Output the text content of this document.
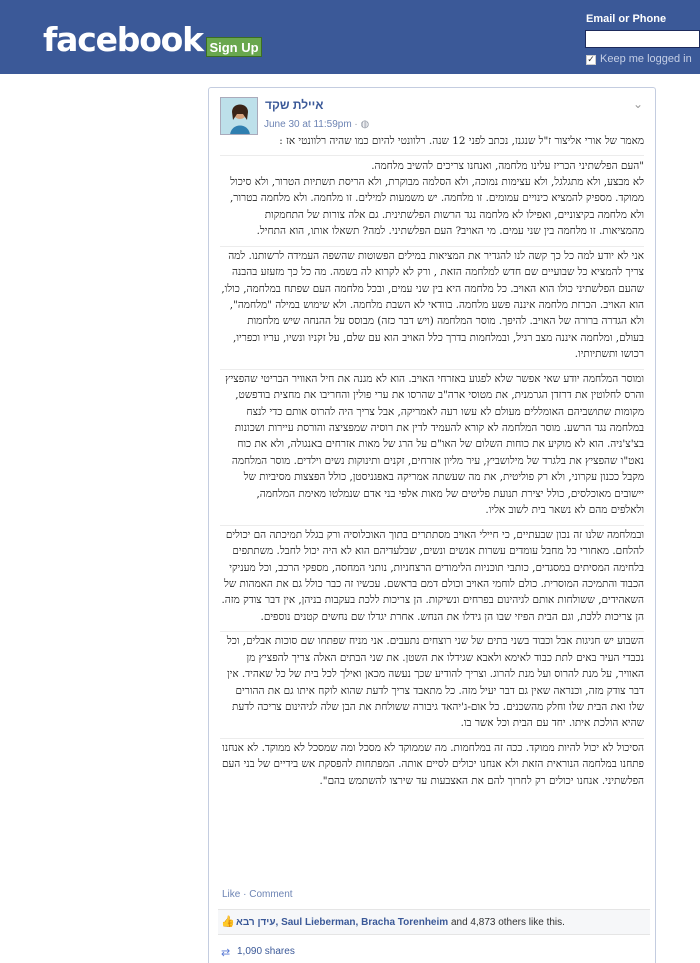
facebook Sign Up
Email or Phone
✓ Keep me logged in
⌄
איילת שקד
June 30 at 11:59pm · ◍

מאמר של אורי אליצור ז"ל שנגנז, נכתב לפני 12 שנה. רלוונטי להיום כמו שהיה רלוונטי אז :

"העם הפלשתיני הכריז עלינו מלחמה, ואנחנו צריכים להשיב מלחמה.
לא מבצע, ולא מתגלגל, ולא עצימות נמוכה, ולא הסלמה מבוקרת, ולא הריסת תשתיות הטרור, ולא סיכול ממוקד. מספיק להמציא כינויים עמומים. זו מלחמה. יש משמעות למילים. זו מלחמה. ולא מלחמה בטרור, ולא מלחמה בקיצוניים, ואפילו לא מלחמה נגד הרשות הפלשתינית. גם אלה צורות של התחמקות מהמציאות. זו מלחמה בין שני עמים. מי האויב? העם הפלשתיני. למה? תשאלו אותו, הוא התחיל.

אני לא יודע למה כל כך קשה לנו להגדיר את המציאות במילים הפשוטות שהשפה העמידה לרשותנו. למה צריך להמציא כל שבועיים שם חדש למלחמה הזאת , ורק לא לקרוא לה בשמה. מה כל כך מזעזע בהבנה שהעם הפלשתיני כולו הוא האויב. כל מלחמה היא בין שני עמים, ובכל מלחמה העם שפתח במלחמה, כולו, הוא האויב. הכרזת מלחמה איננה פשע מלחמה. בוודאי לא השבת מלחמה. ולא שימוש במילה "מלחמה", ולא הגדרה ברורה של האויב. להיפך. מוסר המלחמה (ויש דבר כזה) מבוסס על ההנחה שיש מלחמות בעולם, ומלחמה איננה מצב רגיל, ובמלחמות בדרך כלל האויב הוא עם שלם, על זקניו ונשיו, עריו וכפריו, רכושו ותשתיותיו.

ומוסר המלחמה יודע שאי אפשר שלא לפגוע באזרחי האויב. הוא לא מגנה את חיל האוויר הבריטי שהפציץ והרס לחלוטין את דרזדן הגרמנית, את מטוסי ארה"ב שהרסו את ערי פולין והחריבו את מחצית בודפשט, מקומות שתושביהם האומללים מעולם לא עשו רעה לאמריקה, אבל צריך היה להרוס אותם כדי לנצח במלחמה נגד הרשע. מוסר המלחמה לא קורא להעמיד לדין את רוסיה שמפציצה והורסת עיירות ושכונות בצ'צ'ניה. הוא לא מוקיע את כוחות השלום של האו"ם על הרג של מאות אזרחים באנגולה, ולא את כוח נאט"ו שהפציץ את בלגרד של מילושביץ, עיר מליון אזרחים, זקנים ותינוקות נשים וילדים. מוסר המלחמה מקבל ככנון עקרוני, ולא רק פוליטית, את מה שעשתה אמריקה באפגניסטן, כולל הפצצות מסיביות של יישובים מאוכלסים, כולל יצירת תנועת פליטים של מאות אלפי בני אדם שנמלטו מאימת המלחמה, ולאלפים מהם לא נשאר בית לשוב אליו.

ובמלחמה שלנו זה נכון שבעתיים, כי חיילי האויב מסתתרים בתוך האוכלוסיה ורק בגלל תמיכתה הם יכולים להלחם. מאחורי כל מחבל עומדים עשרות אנשים ונשים, שבלעדיהם הוא לא היה יכול לחבל. משתתפים בלחימה המסיתים במסגדים, כותבי תוכניות הלימודים הרצחניות, נותני המחסה, מספקי הרכב, וכל מעניקי הכבוד והתמיכה המוסרית. כולם לוחמי האויב וכולם דמם בראשם. עכשיו זה כבר כולל גם את האמהות של השאהידים, ששולחות אותם לגיהינום בפרחים ונשיקות. הן צריכות ללכת בעקבות בניהן, אין דבר צודק מזה. הן צריכות ללכת, וגם הבית הפיזי שבו הן גידלו את הנחש. אחרת יגדלו שם נחשים קטנים נוספים.

השבוע יש חגיגות אבל וכבוד בשני בתים של שני רוצחים נתעבים. אני מניח שפתחו שם סוכות אבלים, וכל נכבדי העיר באים לתת כבוד לאימא ולאבא שגידלו את השטן. את שני הבתים האלה צריך להפציץ מן האוויר, על מנת להרוס ועל מנת להרוג. וצריך להודיע שכך נעשה מכאן ואילך לכל בית של כל שאהיד. אין דבר צודק מזה, וכנראה שאין גם דבר יעיל מזה. כל מתאבד צריך לדעת שהוא לוקח איתו גם את ההורים שלו ואת הבית שלו וחלק מהשכנים. כל אום-ג'יהאד גיבורה ששולחת את הבן שלה לגיהינום צריכה לדעת שהיא הולכת איתו. יחד עם הבית וכל אשר בו.

הסיכול לא יכול להיות ממוקד. ככה זה במלחמות. מה שממוקד לא מסכל ומה שמסכל לא ממוקד. לא אנחנו פתחנו במלחמה הנוראית הזאת ולא אנחנו יכולים לסיים אותה. המפתחות להפסקת אש בידיים של בני העם הפלשתיני. אנחנו יכולים רק לחרוך להם את האצבעות עד שירצו להשתמש בהם".

Like · Comment
👍 עידן רבא, Saul Lieberman, Bracha Torenheim and 4,873 others like this.
⇄ 1,090 shares
